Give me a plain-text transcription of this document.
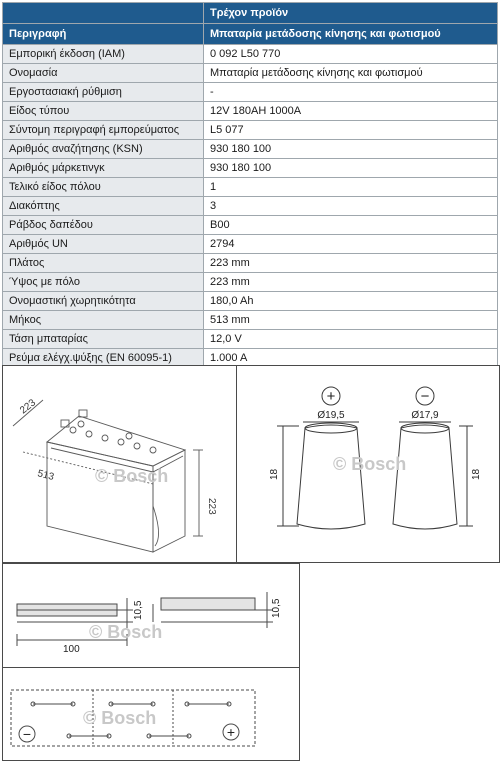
	Τρέχον προϊόν
Περιγραφή	Μπαταρία μετάδοσης κίνησης και φωτισμού
Εμπορική έκδοση (IAM)	0 092 L50 770
Ονομασία	Μπαταρία μετάδοσης κίνησης και φωτισμού
Εργοστασιακή ρύθμιση	-
Είδος τύπου	12V 180AH 1000A
Σύντομη περιγραφή εμπορεύματος	L5 077
Αριθμός αναζήτησης (KSN)	930 180 100
Αριθμός μάρκετινγκ	930 180 100
Τελικό είδος πόλου	1
Διακόπτης	3
Ράβδος δαπέδου	B00
Αριθμός UN	2794
Πλάτος	223 mm
Ύψος με πόλο	223 mm
Ονομαστική χωρητικότητα	180,0 Ah
Μήκος	513 mm
Τάση μπαταρίας	12,0 V
Ρεύμα ελέγχ.ψύξης (EN 60095-1)	1.000 A
223
513
223
© Bosch
+	−
Ø19,5	Ø17,9
18	18
© Bosch
10,5	10,5
100
© Bosch
−	+
© Bosch
